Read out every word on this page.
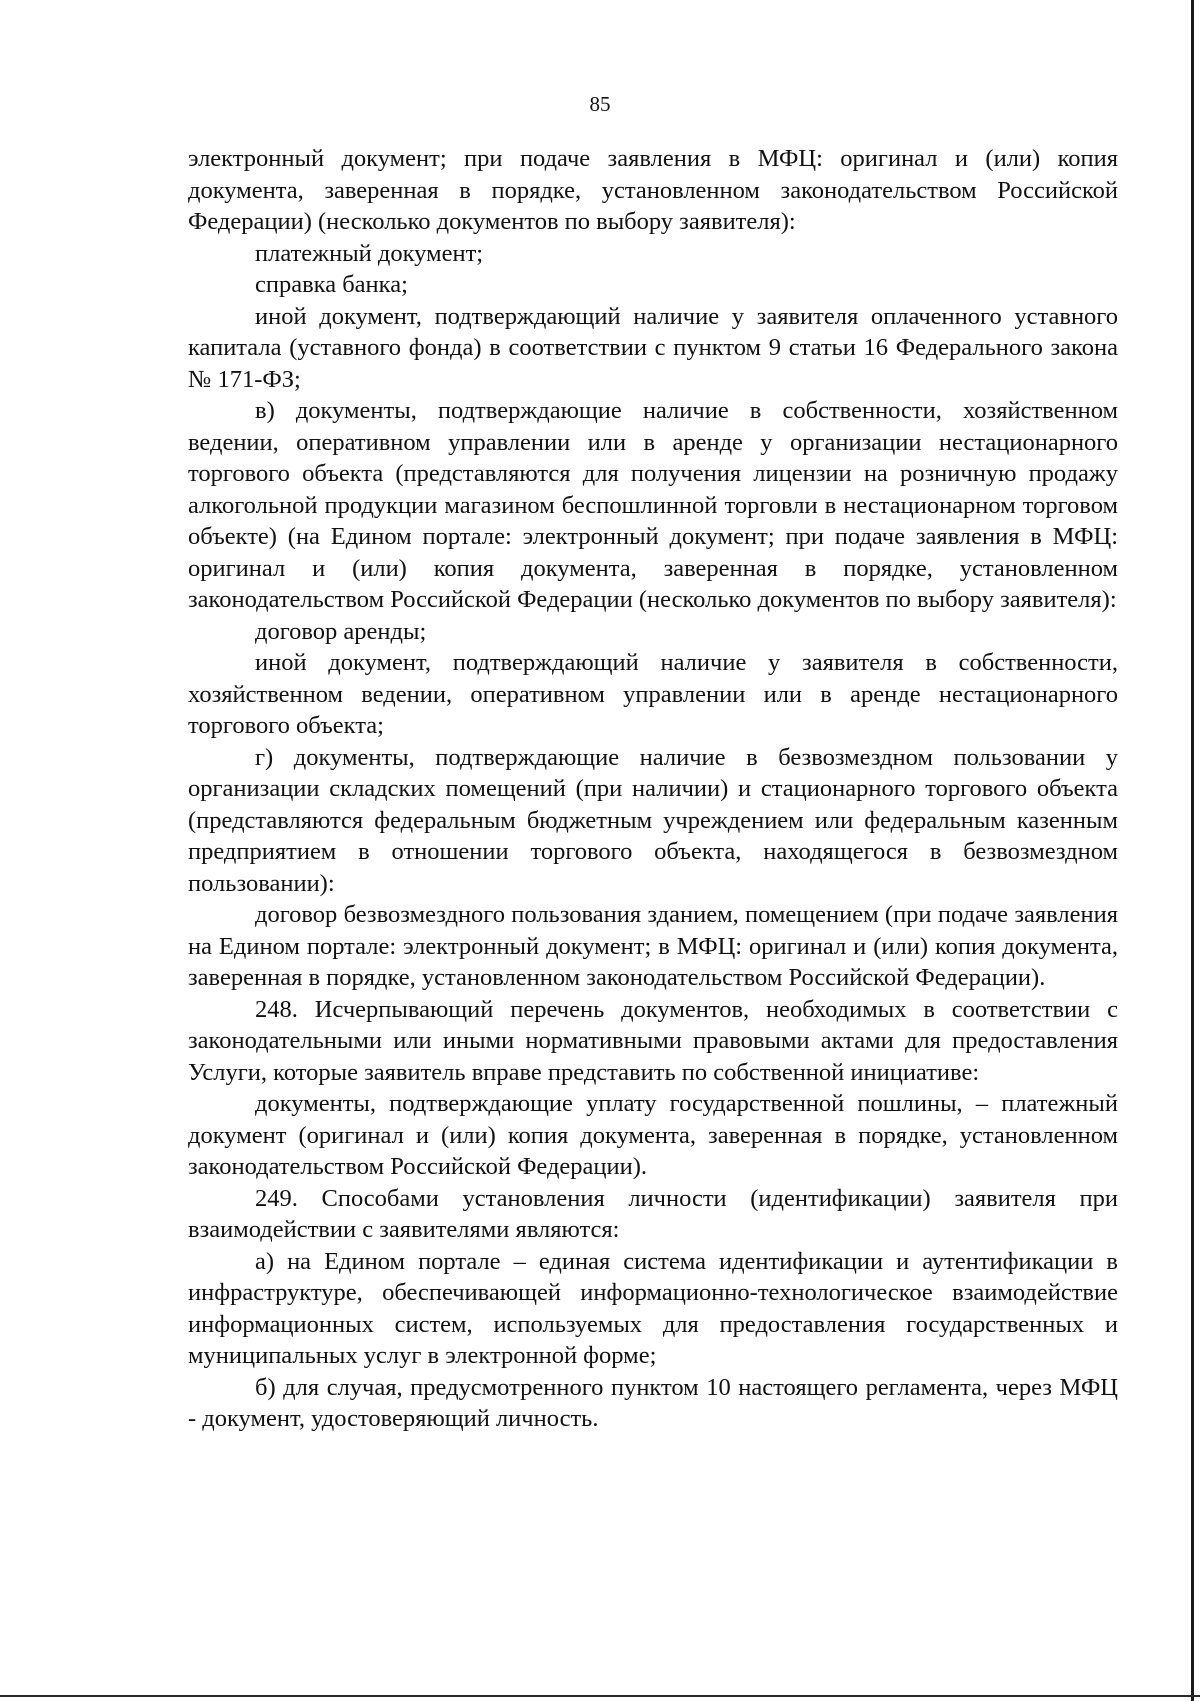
85

электронный документ; при подаче заявления в МФЦ: оригинал и (или) копия документа, заверенная в порядке, установленном законодательством Российской Федерации) (несколько документов по выбору заявителя):

платежный документ;

справка банка;

иной документ, подтверждающий наличие у заявителя оплаченного уставного капитала (уставного фонда) в соответствии с пунктом 9 статьи 16 Федерального закона № 171-ФЗ;

в) документы, подтверждающие наличие в собственности, хозяйственном ведении, оперативном управлении или в аренде у организации нестационарного торгового объекта (представляются для получения лицензии на розничную продажу алкогольной продукции магазином беспошлинной торговли в нестационарном торговом объекте) (на Едином портале: электронный документ; при подаче заявления в МФЦ: оригинал и (или) копия документа, заверенная в порядке, установленном законодательством Российской Федерации (несколько документов по выбору заявителя):

договор аренды;

иной документ, подтверждающий наличие у заявителя в собственности, хозяйственном ведении, оперативном управлении или в аренде нестационарного торгового объекта;

г) документы, подтверждающие наличие в безвозмездном пользовании у организации складских помещений (при наличии) и стационарного торгового объекта (представляются федеральным бюджетным учреждением или федеральным казенным предприятием в отношении торгового объекта, находящегося в безвозмездном пользовании):

договор безвозмездного пользования зданием, помещением (при подаче заявления на Едином портале: электронный документ; в МФЦ: оригинал и (или) копия документа, заверенная в порядке, установленном законодательством Российской Федерации).

248. Исчерпывающий перечень документов, необходимых в соответствии с законодательными или иными нормативными правовыми актами для предоставления Услуги, которые заявитель вправе представить по собственной инициативе:

документы, подтверждающие уплату государственной пошлины, – платежный документ (оригинал и (или) копия документа, заверенная в порядке, установленном законодательством Российской Федерации).

249. Способами установления личности (идентификации) заявителя при взаимодействии с заявителями являются:

а) на Едином портале – единая система идентификации и аутентификации в инфраструктуре, обеспечивающей информационно-технологическое взаимодействие информационных систем, используемых для предоставления государственных и муниципальных услуг в электронной форме;

б) для случая, предусмотренного пунктом 10 настоящего регламента, через МФЦ - документ, удостоверяющий личность.
